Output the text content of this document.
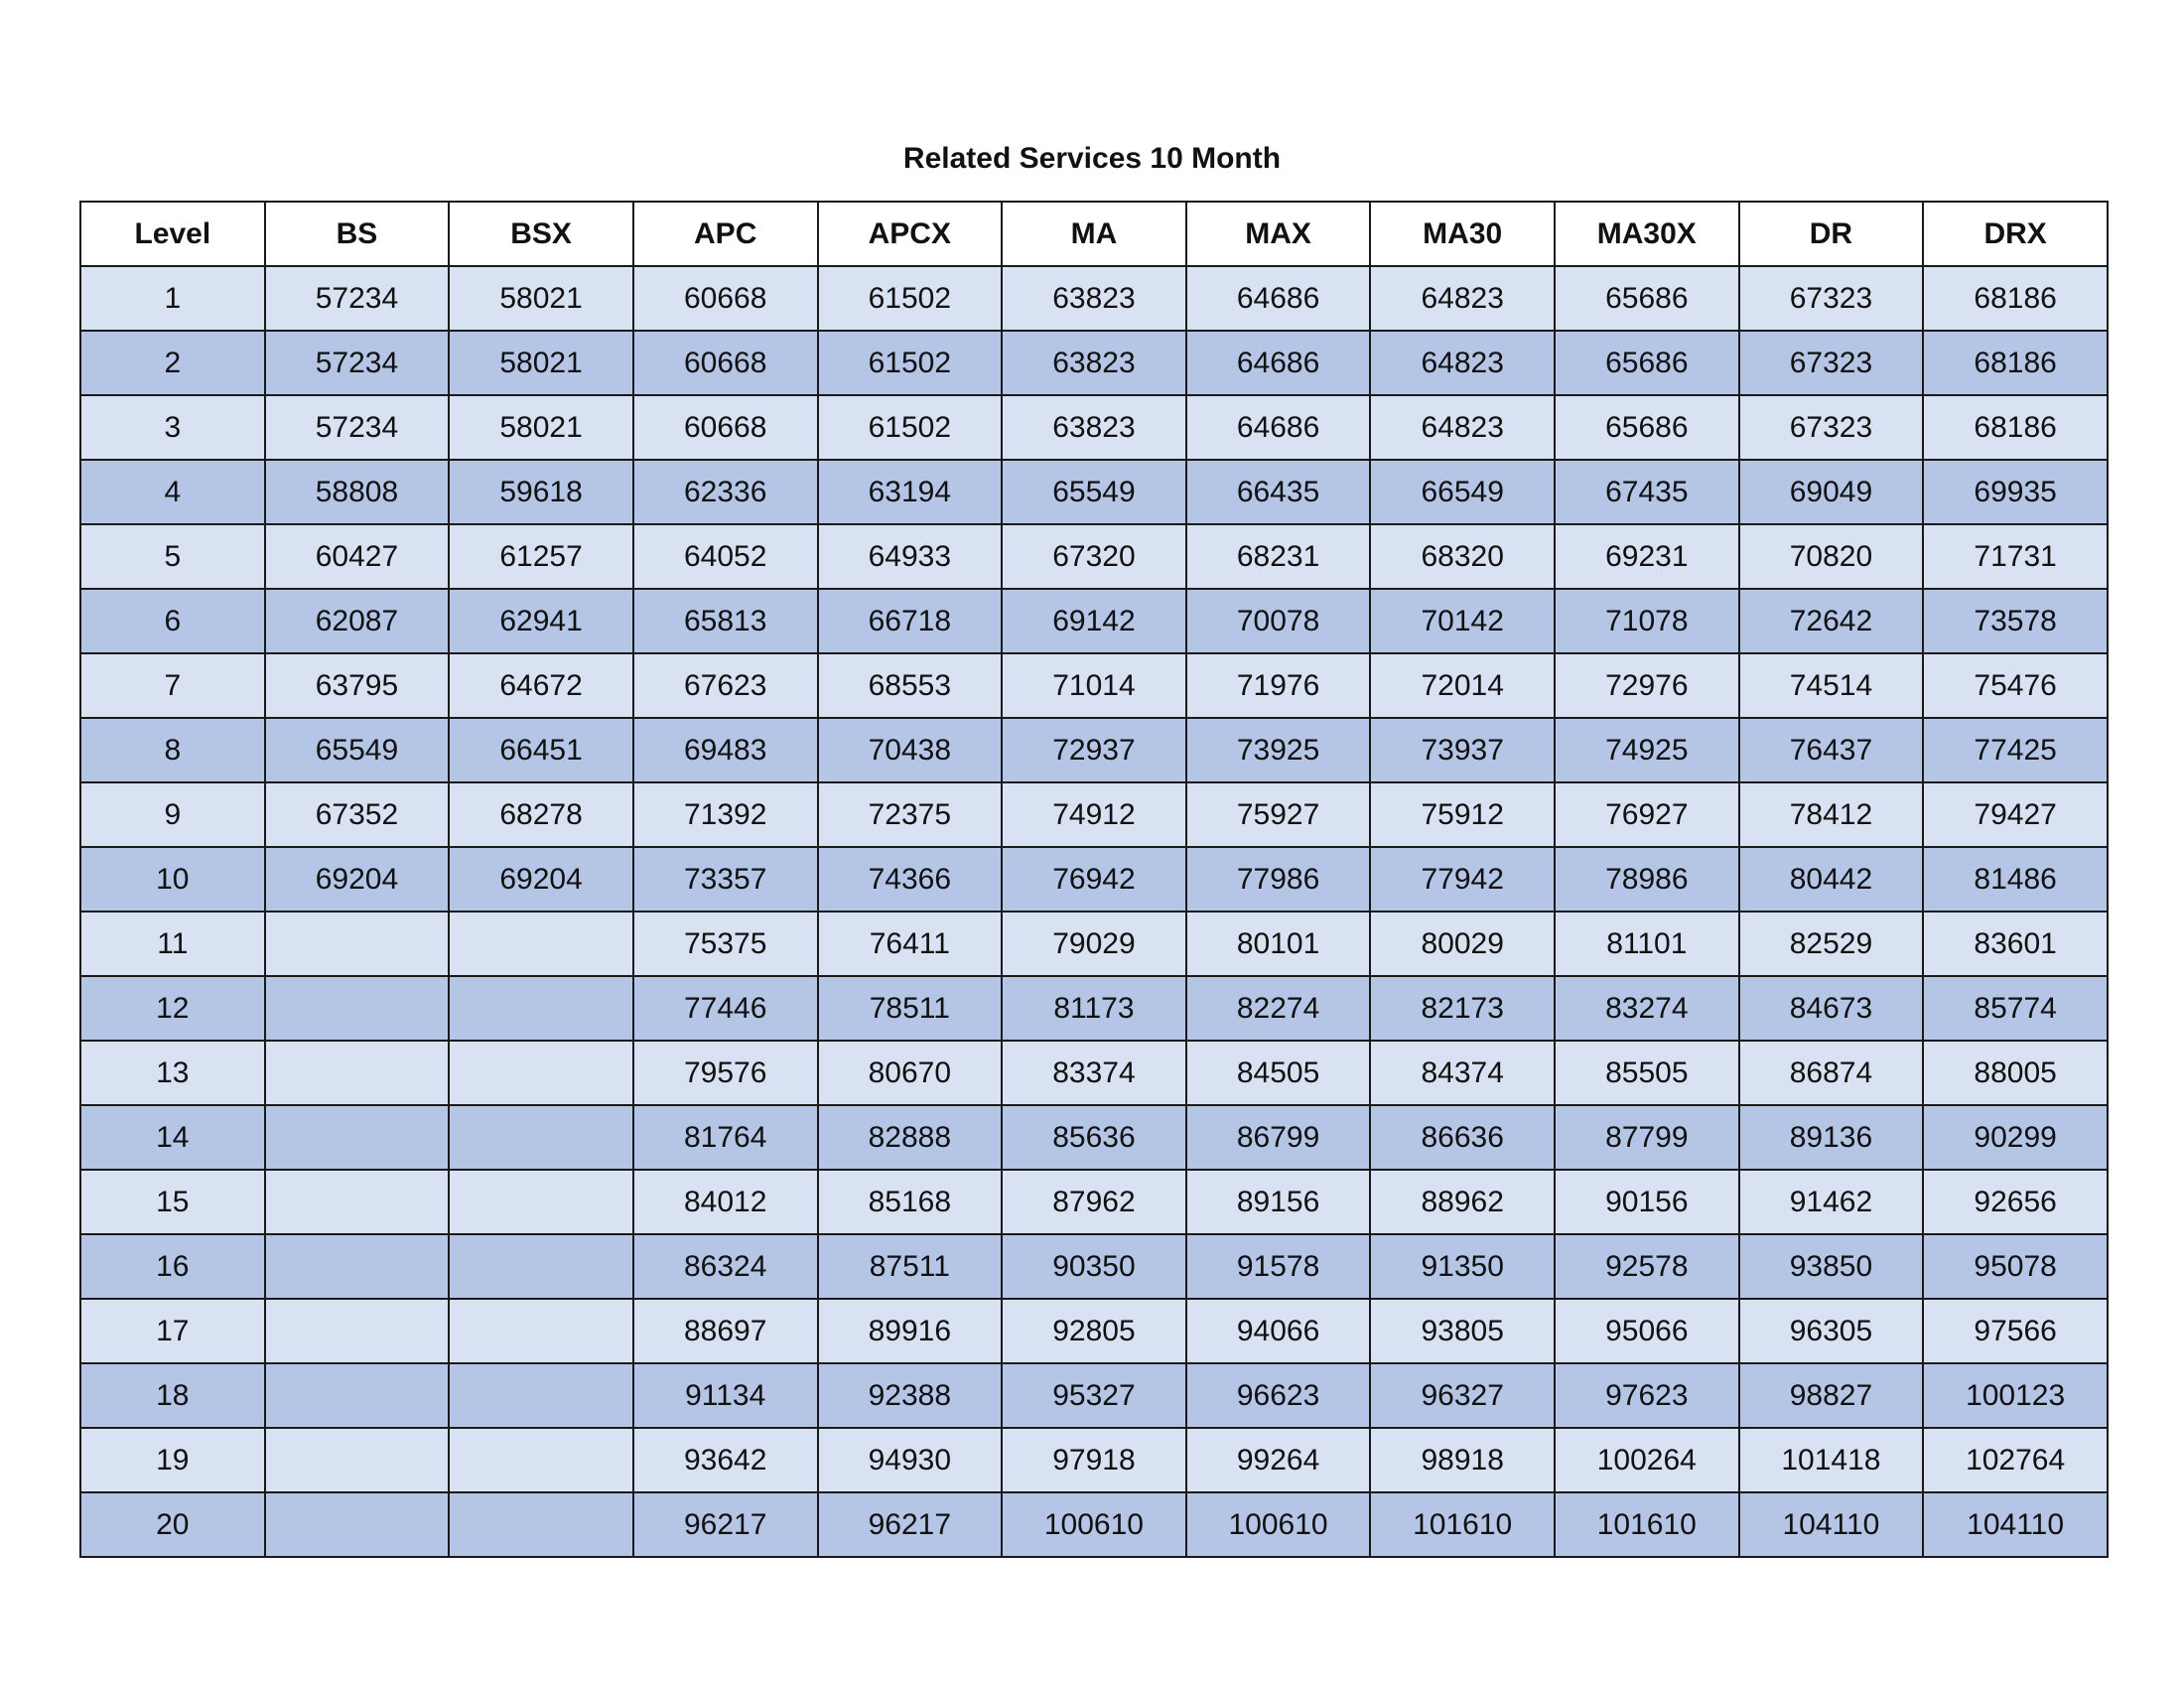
Related Services 10 Month
Level	BS	BSX	APC	APCX	MA	MAX	MA30	MA30X	DR	DRX
1	57234	58021	60668	61502	63823	64686	64823	65686	67323	68186
2	57234	58021	60668	61502	63823	64686	64823	65686	67323	68186
3	57234	58021	60668	61502	63823	64686	64823	65686	67323	68186
4	58808	59618	62336	63194	65549	66435	66549	67435	69049	69935
5	60427	61257	64052	64933	67320	68231	68320	69231	70820	71731
6	62087	62941	65813	66718	69142	70078	70142	71078	72642	73578
7	63795	64672	67623	68553	71014	71976	72014	72976	74514	75476
8	65549	66451	69483	70438	72937	73925	73937	74925	76437	77425
9	67352	68278	71392	72375	74912	75927	75912	76927	78412	79427
10	69204	69204	73357	74366	76942	77986	77942	78986	80442	81486
11			75375	76411	79029	80101	80029	81101	82529	83601
12			77446	78511	81173	82274	82173	83274	84673	85774
13			79576	80670	83374	84505	84374	85505	86874	88005
14			81764	82888	85636	86799	86636	87799	89136	90299
15			84012	85168	87962	89156	88962	90156	91462	92656
16			86324	87511	90350	91578	91350	92578	93850	95078
17			88697	89916	92805	94066	93805	95066	96305	97566
18			91134	92388	95327	96623	96327	97623	98827	100123
19			93642	94930	97918	99264	98918	100264	101418	102764
20			96217	96217	100610	100610	101610	101610	104110	104110
